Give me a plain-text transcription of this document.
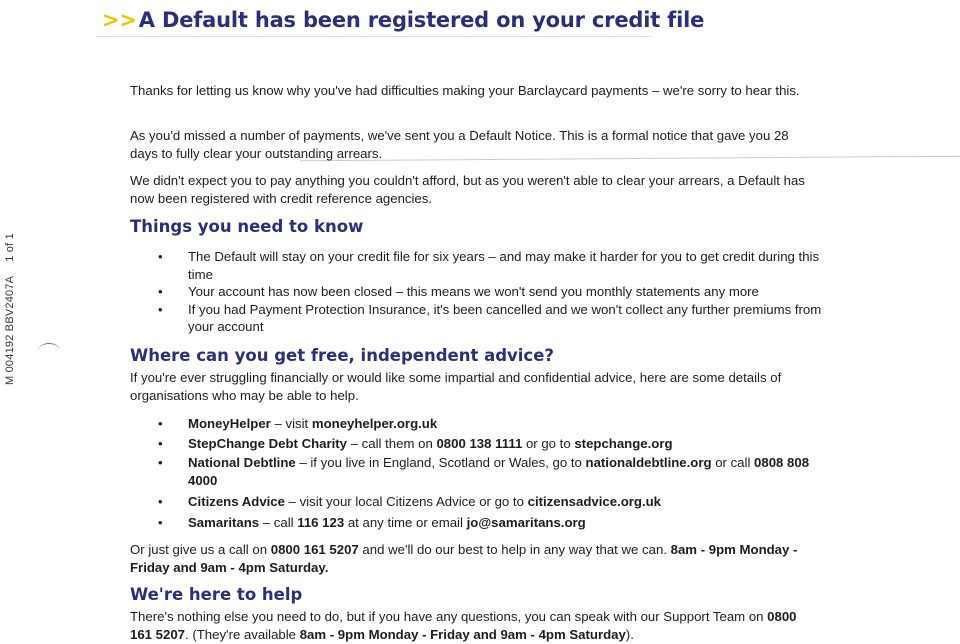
>>A Default has been registered on your credit file
M 004192 BBV2407A1 of 1
Thanks for letting us know why you've had difficulties making your Barclaycard payments – we're sorry to hear this.
As you'd missed a number of payments, we've sent you a Default Notice. This is a formal notice that gave you 28 days to fully clear your outstanding arrears.
We didn't expect you to pay anything you couldn't afford, but as you weren't able to clear your arrears, a Default has now been registered with credit reference agencies.
Things you need to know
• The Default will stay on your credit file for six years – and may make it harder for you to get credit during this time
• Your account has now been closed – this means we won't send you monthly statements any more
• If you had Payment Protection Insurance, it's been cancelled and we won't collect any further premiums from your account
Where can you get free, independent advice?
If you're ever struggling financially or would like some impartial and confidential advice, here are some details of organisations who may be able to help.
• MoneyHelper – visit moneyhelper.org.uk
• StepChange Debt Charity – call them on 0800 138 1111 or go to stepchange.org
• National Debtline – if you live in England, Scotland or Wales, go to nationaldebtline.org or call 0808 808 4000
• Citizens Advice – visit your local Citizens Advice or go to citizensadvice.org.uk
• Samaritans – call 116 123 at any time or email jo@samaritans.org
Or just give us a call on 0800 161 5207 and we'll do our best to help in any way that we can. 8am - 9pm Monday - Friday and 9am - 4pm Saturday.
We're here to help
There's nothing else you need to do, but if you have any questions, you can speak with our Support Team on 0800 161 5207. (They're available 8am - 9pm Monday - Friday and 9am - 4pm Saturday).
